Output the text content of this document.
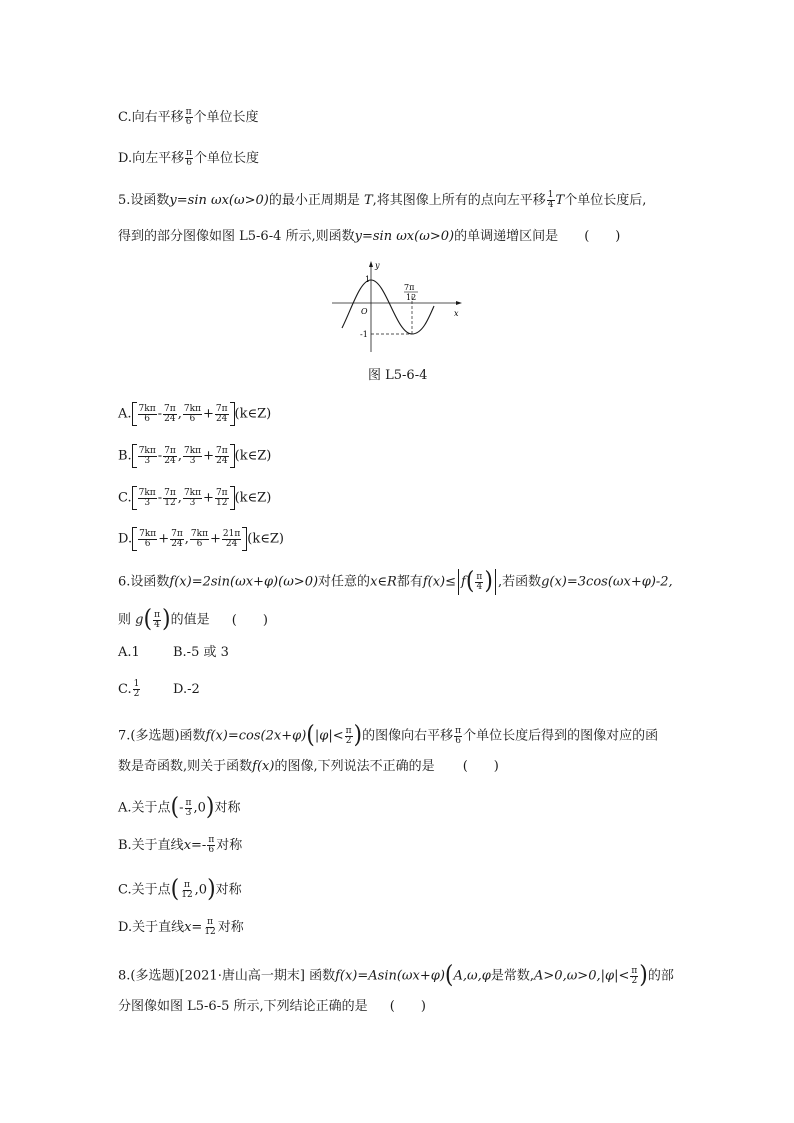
C.向右平移 $\frac{\pi}{6}$ 个单位长度
D.向左平移 $\frac{\pi}{6}$ 个单位长度
5.设函数y=sin ωx(ω>0)的最小正周期是 T,将其图像上所有的点向左平移 $\frac{1}{4}$ T个单位长度后,
得到的部分图像如图 L5-6-4 所示,则函数y=sin ωx(ω>0)的单调递增区间是 (　　)
y
x
O
1
-1
7π
12
图 L5-6-4
A. $\frac{7k\pi}{6} - \frac{7\pi}{24}$ , $\frac{7k\pi}{6} + \frac{7\pi}{24}$ (k∈Z)
B. $\frac{7k\pi}{3} - \frac{7\pi}{24}$ , $\frac{7k\pi}{3} + \frac{7\pi}{24}$ (k∈Z)
C. $\frac{7k\pi}{3} - \frac{7\pi}{12}$ , $\frac{7k\pi}{3} + \frac{7\pi}{12}$ (k∈Z)
D. $\frac{7k\pi}{6} + \frac{7\pi}{24}$ , $\frac{7k\pi}{6} + \frac{21\pi}{24}$ (k∈Z)
6.设函数f(x)=2sin(ωx+φ)(ω>0)对任意的x∈R都有$f(x)\le f( \frac{\pi}{4}$ ) ,若函数g(x)=3cos(ωx+φ)-2,
则 $g( \frac{\pi}{4}$ )的值是 (　　)
A.1	B.-5 或 3
C. $\frac{1}{2}$	D.-2
7.(多选题)函数$f(x)=\cos(2x+\varphi)(|\varphi|< \frac{\pi}{2}$ )的图像向右平移 $\frac{\pi}{6}$ 个单位长度后得到的图像对应的函
数是奇函数,则关于函数f(x)的图像,下列说法不正确的是 (　　)
A.关于点(- $\frac{\pi}{3} ,0$)对称
B.关于直线$x=- \frac{\pi}{6}$ 对称
C.关于点( $\frac{\pi}{12} ,0$)对称
D.关于直线$x= \frac{\pi}{12}$ 对称
8.(多选题)[2021·唐山高一期末] 函数f(x)=Asin(ωx+φ)(A,ω,φ是常数$,A>0,\omega>0,|\varphi|< \frac{\pi}{2}$ )的部
分图像如图 L5-6-5 所示,下列结论正确的是 (　　)
